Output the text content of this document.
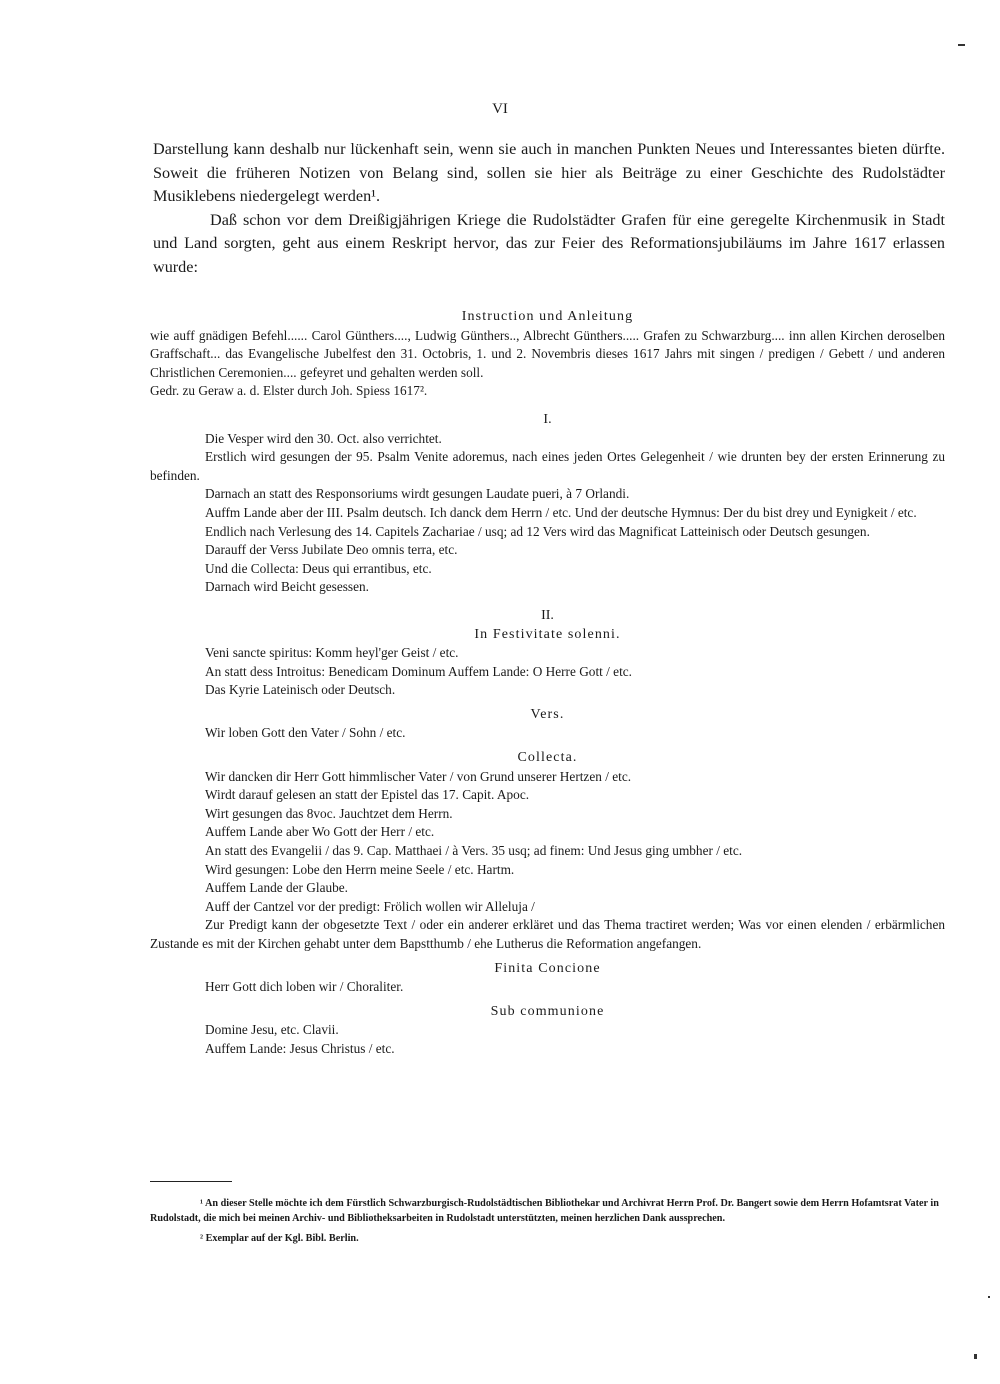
VI

Darstellung kann deshalb nur lückenhaft sein, wenn sie auch in manchen Punkten Neues und Interessantes bieten dürfte. Soweit die früheren Notizen von Belang sind, sollen sie hier als Beiträge zu einer Geschichte des Rudolstädter Musiklebens niedergelegt werden¹.

Daß schon vor dem Dreißigjährigen Kriege die Rudolstädter Grafen für eine geregelte Kirchenmusik in Stadt und Land sorgten, geht aus einem Reskript hervor, das zur Feier des Reformationsjubiläums im Jahre 1617 erlassen wurde:

Instruction und Anleitung

wie auff gnädigen Befehl...... Carol Günthers...., Ludwig Günthers.., Albrecht Günthers..... Grafen zu Schwarzburg.... inn allen Kirchen deroselben Graffschaft... das Evangelische Jubelfest den 31. Octobris, 1. und 2. Novembris dieses 1617 Jahrs mit singen / predigen / Gebett / und anderen Christlichen Ceremonien.... gefeyret und gehalten werden soll.

Gedr. zu Geraw a. d. Elster durch Joh. Spiess 1617².

I.

Die Vesper wird den 30. Oct. also verrichtet.

Erstlich wird gesungen der 95. Psalm Venite adoremus, nach eines jeden Ortes Gelegenheit / wie drunten bey der ersten Erinnerung zu befinden.

Darnach an statt des Responsoriums wirdt gesungen Laudate pueri, à 7 Orlandi.

Auffm Lande aber der III. Psalm deutsch. Ich danck dem Herrn / etc. Und der deutsche Hymnus: Der du bist drey und Eynigkeit / etc.

Endlich nach Verlesung des 14. Capitels Zachariae / usq; ad 12 Vers wird das Magnificat Latteinisch oder Deutsch gesungen.

Darauff der Verss Jubilate Deo omnis terra, etc.

Und die Collecta: Deus qui errantibus, etc.

Darnach wird Beicht gesessen.

II.

In Festivitate solenni.

Veni sancte spiritus: Komm heyl'ger Geist / etc.

An statt dess Introitus: Benedicam Dominum Auffem Lande: O Herre Gott / etc.

Das Kyrie Lateinisch oder Deutsch.

Vers.

Wir loben Gott den Vater / Sohn / etc.

Collecta.

Wir dancken dir Herr Gott himmlischer Vater / von Grund unserer Hertzen / etc.

Wirdt darauf gelesen an statt der Epistel das 17. Capit. Apoc.

Wirt gesungen das 8voc. Jauchtzet dem Herrn.

Auffem Lande aber Wo Gott der Herr / etc.

An statt des Evangelii / das 9. Cap. Matthaei / à Vers. 35 usq; ad finem: Und Jesus ging umbher / etc.

Wird gesungen: Lobe den Herrn meine Seele / etc. Hartm.

Auffem Lande der Glaube.

Auff der Cantzel vor der predigt: Frölich wollen wir Alleluja /

Zur Predigt kann der obgesetzte Text / oder ein anderer erkläret und das Thema tractiret werden; Was vor einen elenden / erbärmlichen Zustande es mit der Kirchen gehabt unter dem Bapstthumb / ehe Lutherus die Reformation angefangen.

Finita Concione

Herr Gott dich loben wir / Choraliter.

Sub communione

Domine Jesu, etc. Clavii.

Auffem Lande: Jesus Christus / etc.

¹ An dieser Stelle möchte ich dem Fürstlich Schwarzburgisch-Rudolstädtischen Bibliothekar und Archivrat Herrn Prof. Dr. Bangert sowie dem Herrn Hofamtsrat Vater in Rudolstadt, die mich bei meinen Archiv- und Bibliotheksarbeiten in Rudolstadt unterstützten, meinen herzlichen Dank aussprechen.

² Exemplar auf der Kgl. Bibl. Berlin.
